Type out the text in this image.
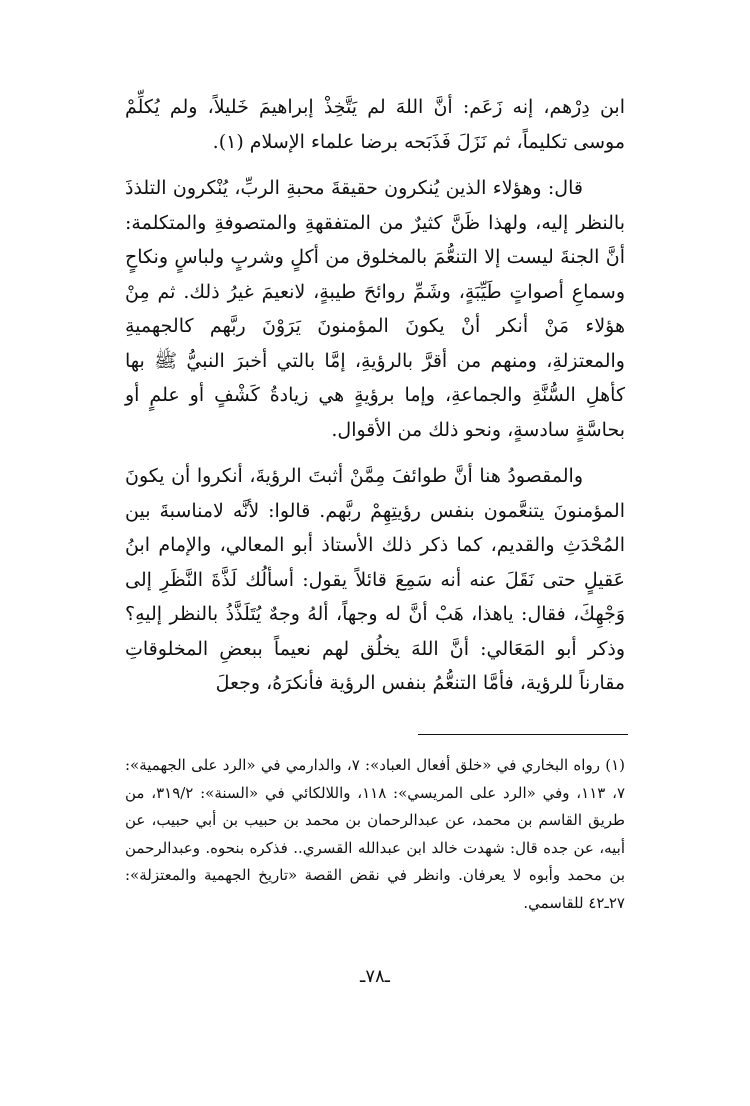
ابن دِرْهم، إنه زَعَم: أنَّ اللهَ لم يَتَّخِذْ إبراهيمَ خَليلاً، ولم يُكلِّمْ موسى تكليماً، ثم نَزَلَ فَذَبَحه برضا علماء الإسلام (١).

قال: وهؤلاء الذين يُنكرون حقيقةَ محبةِ الربِّ، يُنْكرون التلذذَ بالنظر إليه، ولهذا ظَنَّ كثيرٌ من المتفقهةِ والمتصوفةِ والمتكلمة: أنَّ الجنةَ ليست إلا التنعُّمَ بالمخلوق من أكلٍ وشربٍ ولباسٍ ونكاحٍ وسماعِ أصواتٍ طَيِّبَةٍ، وشَمِّ روائحَ طيبةٍ، لانعيمَ غيرُ ذلك. ثم مِنْ هؤلاء مَنْ أنكر أنْ يكونَ المؤمنونَ يَرَوْنَ ربَّهم كالجهميةِ والمعتزلةِ، ومنهم من أقرَّ بالرؤيةِ، إمَّا بالتي أخبرَ النبيُّ ﷺ بها كأهلِ السُّنَّةِ والجماعةِ، وإما برؤيةٍ هي زيادةُ كَشْفٍ أو علمٍ أو بحاسَّةٍ سادسةٍ، ونحو ذلك من الأقوال.

والمقصودُ هنا أنَّ طوائفَ مِمَّنْ أثبتَ الرؤيةَ، أنكروا أن يكونَ المؤمنونَ يتنعَّمون بنفس رؤيتِهِمْ ربَّهم. قالوا: لأنَّه لامناسبةَ بين المُحْدَثِ والقديم، كما ذكر ذلك الأستاذ أبو المعالي، والإمام ابنُ عَقيلٍ حتى نَقَلَ عنه أنه سَمِعَ قائلاً يقول: أسألُك لَذَّةَ النَّظَرِ إلى وَجْهِكَ، فقال: ياهذا، هَبْ أنَّ له وجهاً، ألهُ وجهٌ يُتَلَذَّذُ بالنظر إليهِ؟ وذكر أبو المَعَالي: أنَّ اللهَ يخلُق لهم نعيماً ببعضِ المخلوقاتِ مقارناً للرؤية، فأمَّا التنعُّمُ بنفس الرؤية فأنكرَهُ، وجعلَ

(١) رواه البخاري في «خلق أفعال العباد»: ٧، والدارمي في «الرد على الجهمية»: ٧، ١١٣، وفي «الرد على المريسي»: ١١٨، واللالكائي في «السنة»: ٣١٩/٢، من طريق القاسم بن محمد، عن عبدالرحمان بن محمد بن حبيب بن أبي حبيب، عن أبيه، عن جده قال: شهدت خالد ابن عبدالله القسري.. فذكره بنحوه. وعبدالرحمن بن محمد وأبوه لا يعرفان. وانظر في نقض القصة «تاريخ الجهمية والمعتزلة»: ٢٧ـ٤٢ للقاسمي.

ـ٧٨ـ
